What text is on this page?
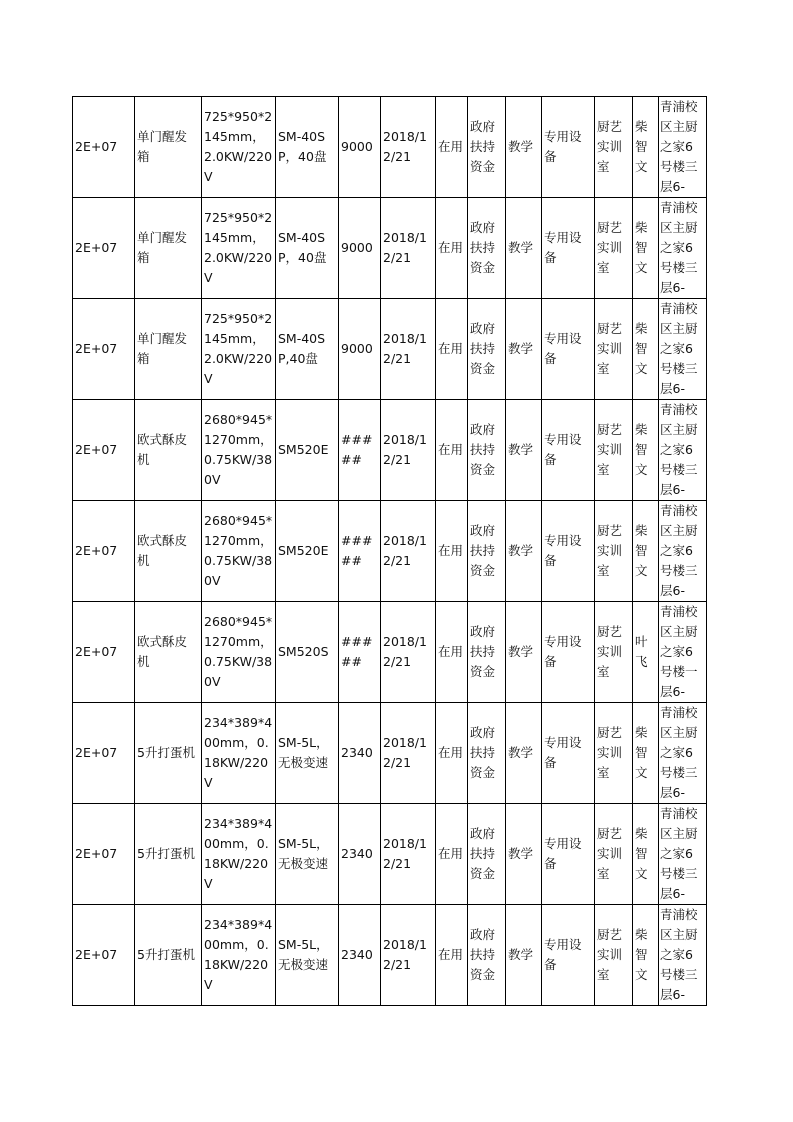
2E+07	单门醒发箱	725*950*2145mm，2.0KW/220V	SM-40SP，40盘	9000	2018/12/21	在用	政府扶持资金	教学	专用设备	厨艺实训室	柴智文	青浦校区主厨之家6号楼三层6-

2E+07	单门醒发箱	725*950*2145mm，2.0KW/220V	SM-40SP，40盘	9000	2018/12/21	在用	政府扶持资金	教学	专用设备	厨艺实训室	柴智文	青浦校区主厨之家6号楼三层6-

2E+07	单门醒发箱	725*950*2145mm，2.0KW/220V	SM-40SP,40盘	9000	2018/12/21	在用	政府扶持资金	教学	专用设备	厨艺实训室	柴智文	青浦校区主厨之家6号楼三层6-

2E+07	欧式酥皮机	2680*945*1270mm，0.75KW/380V	SM520E	#####	2018/12/21	在用	政府扶持资金	教学	专用设备	厨艺实训室	柴智文	青浦校区主厨之家6号楼三层6-

2E+07	欧式酥皮机	2680*945*1270mm，0.75KW/380V	SM520E	#####	2018/12/21	在用	政府扶持资金	教学	专用设备	厨艺实训室	柴智文	青浦校区主厨之家6号楼三层6-

2E+07	欧式酥皮机	2680*945*1270mm，0.75KW/380V	SM520S	#####	2018/12/21	在用	政府扶持资金	教学	专用设备	厨艺实训室	叶飞	青浦校区主厨之家6号楼一层6-

2E+07	5升打蛋机	234*389*400mm，0.18KW/220V	SM-5L，无极变速	2340	2018/12/21	在用	政府扶持资金	教学	专用设备	厨艺实训室	柴智文	青浦校区主厨之家6号楼三层6-

2E+07	5升打蛋机	234*389*400mm，0.18KW/220V	SM-5L，无极变速	2340	2018/12/21	在用	政府扶持资金	教学	专用设备	厨艺实训室	柴智文	青浦校区主厨之家6号楼三层6-

2E+07	5升打蛋机	234*389*400mm，0.18KW/220V	SM-5L，无极变速	2340	2018/12/21	在用	政府扶持资金	教学	专用设备	厨艺实训室	柴智文	青浦校区主厨之家6号楼三层6-
